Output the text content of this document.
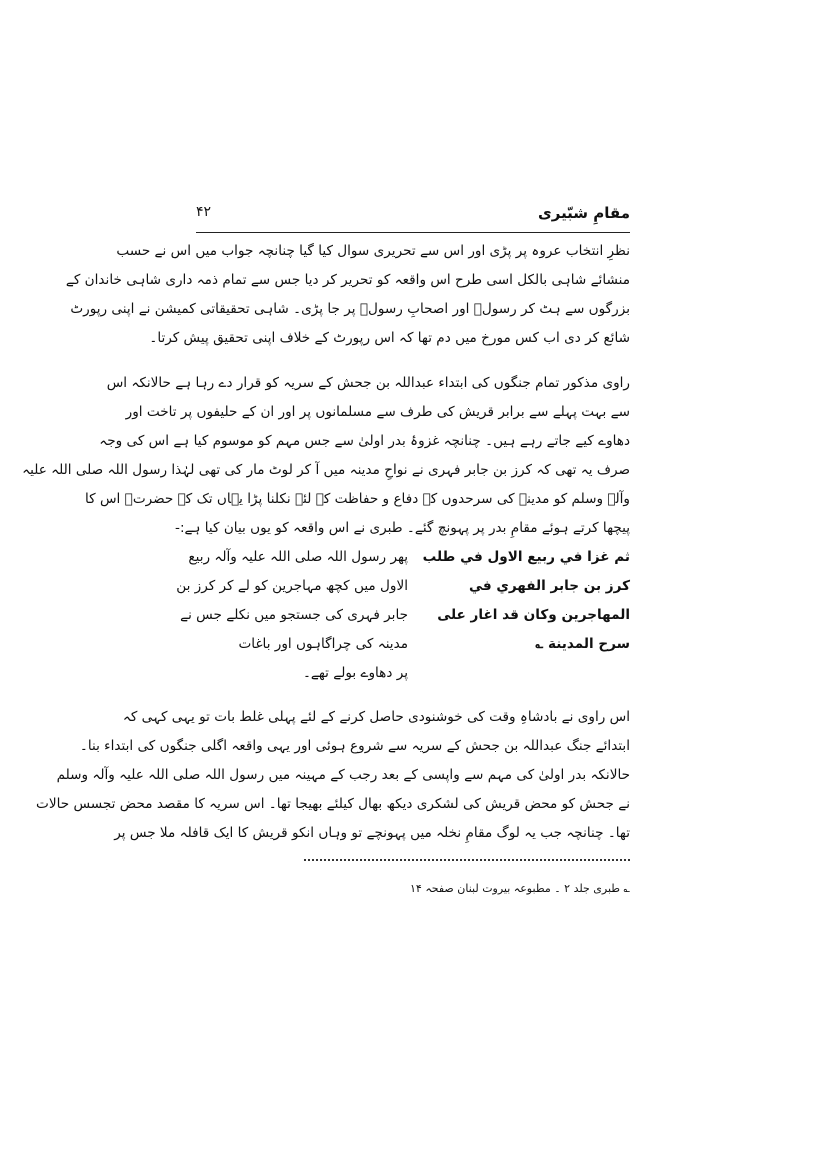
مقامِ شبّیری
۴۲
نظرِ انتخاب عروہ پر پڑی اور اس سے تحریری سوال کیا گیا چنانچہ جواب میں اس نے حسب
منشائے شاہی بالکل اسی طرح اس واقعہ کو تحریر کر دیا جس سے تمام ذمہ داری شاہی خاندان کے
بزرگوں سے ہٹ کر رسولؐ اور اصحابِ رسولؐ پر جا پڑی۔ شاہی تحقیقاتی کمیشن نے اپنی رپورٹ
شائع کر دی اب کس مورخ میں دم تھا کہ اس رپورٹ کے خلاف اپنی تحقیق پیش کرتا۔
راوی مذکور تمام جنگوں کی ابتداء عبداللہ بن جحش کے سریہ کو قرار دے رہا ہے حالانکہ اس
سے بہت پہلے سے برابر قریش کی طرف سے مسلمانوں پر اور ان کے حلیفوں پر تاخت اور
دھاوے کیے جاتے رہے ہیں۔ چنانچہ غزوۂ بدر اولیٰ سے جس مہم کو موسوم کیا ہے اس کی وجہ
صرف یہ تھی کہ کرز بن جابر فہری نے نواحِ مدینہ میں آ کر لوٹ مار کی تھی لہٰذا رسول اللہ صلی اللہ علیہ
وآلہ وسلم کو مدینے کی سرحدوں کے دفاع و حفاظت کے لئے نکلنا پڑا یہاں تک کہ حضرتؐ اس کا
پیچھا کرتے ہوئے مقامِ بدر پر پہونچ گئے۔ طبری نے اس واقعہ کو یوں بیان کیا ہے:-
ثم غزا في ربيع الاول في طلب
كرز بن جابر الفهري في
المهاجرين وكان قد اغار على
سرح المدينة ؎
پھر رسول اللہ صلی اللہ علیہ وآلہ ربیع
الاول میں کچھ مہاجرین کو لے کر کرز بن
جابر فہری کی جستجو میں نکلے جس نے
مدینہ کی چراگاہوں اور باغات
پر دھاوے بولے تھے۔
اس راوی نے بادشاہِ وقت کی خوشنودی حاصل کرنے کے لئے پہلی غلط بات تو یہی کہی کہ
ابتدائے جنگ عبداللہ بن جحش کے سریہ سے شروع ہوئی اور یہی واقعہ اگلی جنگوں کی ابتداء بنا۔
حالانکہ بدر اولیٰ کی مہم سے واپسی کے بعد رجب کے مہینہ میں رسول اللہ صلی اللہ علیہ وآلہ وسلم
نے جحش کو محض قریش کی لشکری دیکھ بھال کیلئے بھیجا تھا۔ اس سریہ کا مقصد محض تجسس حالات
تھا۔ چنانچہ جب یہ لوگ مقامِ نخلہ میں پہونچے تو وہاں انکو قریش کا ایک قافلہ ملا جس پر
؎ طبری جلد ۲ ۔ مطبوعہ بیروت لبنان صفحہ ۱۴
